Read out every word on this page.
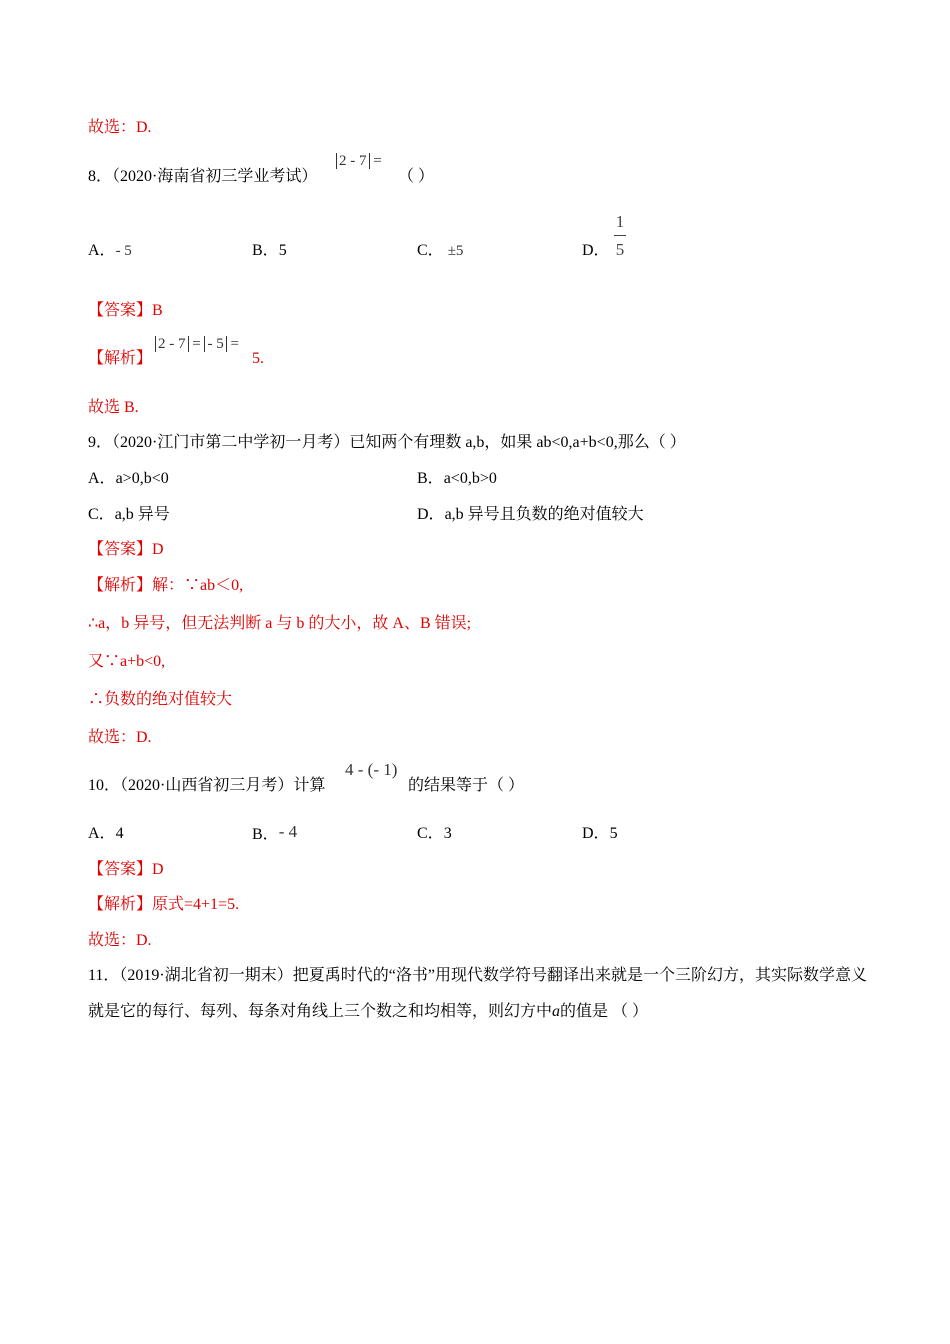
故选：D.
8．（2020·海南省初三学业考试）
2 - 7 =
（ ）
A．- 5	B．5	C． ±5	D．
1
5
【答案】B
【解析】
2 - 7 = - 5 =
5.
故选 B.
9．（2020·江门市第二中学初一月考）已知两个有理数 a,b，如果 ab<0,a+b<0,那么（ ）
A．a>0,b<0	B．a<0,b>0
C．a,b 异号	D．a,b 异号且负数的绝对值较大
【答案】D
【解析】解：∵ab＜0,
∴a，b 异号，但无法判断 a 与 b 的大小，故 A、B 错误;
又∵a+b<0,
∴负数的绝对值较大
故选：D.
10．（2020·山西省初三月考）计算
4 - (- 1)
的结果等于（ ）
A．4	B．- 4	C．3	D．5
【答案】D
【解析】原式=4+1=5.
故选：D.
11．（2019·湖北省初一期末）把夏禹时代的“洛书”用现代数学符号翻译出来就是一个三阶幻方，其实际数学意义就是它的每行、每列、每条对角线上三个数之和均相等，则幻方中a的值是 （ ）
